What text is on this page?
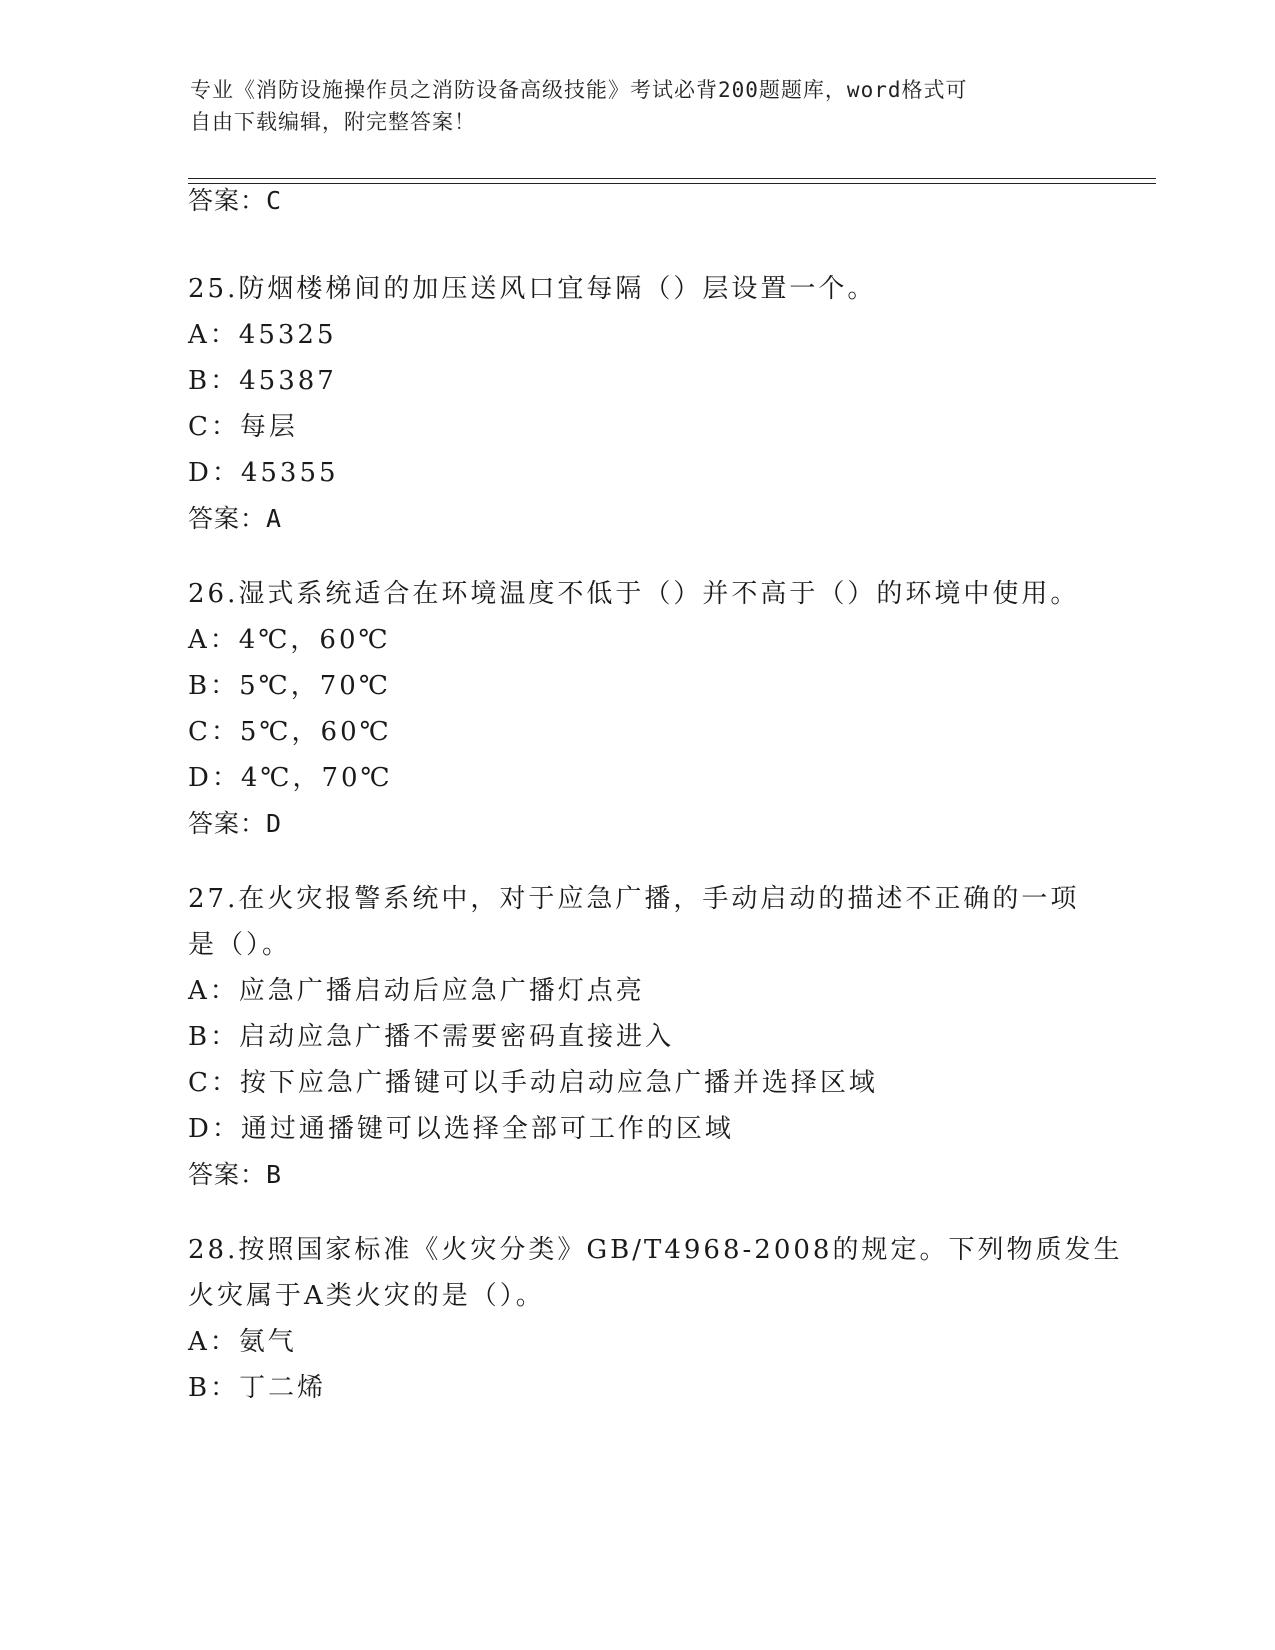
专业《消防设施操作员之消防设备高级技能》考试必背200题题库，word格式可
自由下载编辑，附完整答案！
答案：C
25.防烟楼梯间的加压送风口宜每隔（）层设置一个。
A：45325
B：45387
C：每层
D：45355
答案：A
26.湿式系统适合在环境温度不低于（）并不高于（）的环境中使用。
A：4℃，60℃
B：5℃，70℃
C：5℃，60℃
D：4℃，70℃
答案：D
27.在火灾报警系统中，对于应急广播，手动启动的描述不正确的一项
是（）。
A：应急广播启动后应急广播灯点亮
B：启动应急广播不需要密码直接进入
C：按下应急广播键可以手动启动应急广播并选择区域
D：通过通播键可以选择全部可工作的区域
答案：B
28.按照国家标准《火灾分类》GB/T4968-2008的规定。下列物质发生
火灾属于A类火灾的是（）。
A：氨气
B：丁二烯
